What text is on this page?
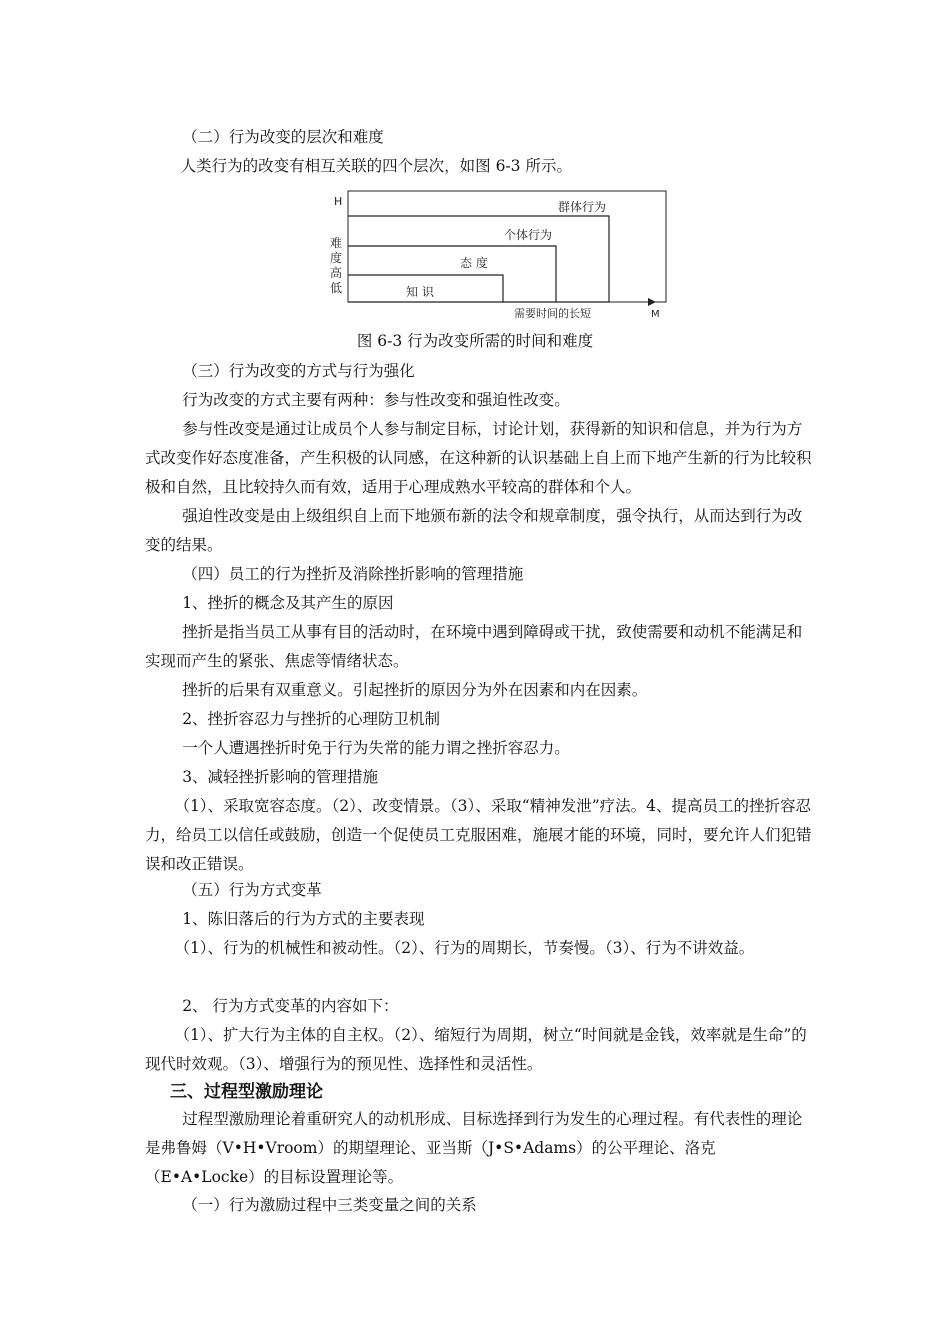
（二）行为改变的层次和难度

人类行为的改变有相互关联的四个层次，如图 6-3 所示。

H
难
度
高
低	知 识
态 度
个体行为
群体行为
需要时间的长短	M

图 6-3 行为改变所需的时间和难度

（三）行为改变的方式与行为强化

行为改变的方式主要有两种：参与性改变和强迫性改变。

参与性改变是通过让成员个人参与制定目标，讨论计划，获得新的知识和信息，并为行为方式改变作好态度准备，产生积极的认同感，在这种新的认识基础上自上而下地产生新的行为比较积极和自然，且比较持久而有效，适用于心理成熟水平较高的群体和个人。

强迫性改变是由上级组织自上而下地颁布新的法令和规章制度，强令执行，从而达到行为改变的结果。

（四）员工的行为挫折及消除挫折影响的管理措施

1、挫折的概念及其产生的原因

挫折是指当员工从事有目的活动时，在环境中遇到障碍或干扰，致使需要和动机不能满足和实现而产生的紧张、焦虑等情绪状态。

挫折的后果有双重意义。引起挫折的原因分为外在因素和内在因素。

2、挫折容忍力与挫折的心理防卫机制

一个人遭遇挫折时免于行为失常的能力谓之挫折容忍力。

3、减轻挫折影响的管理措施

（1）、采取宽容态度。（2）、改变情景。（3）、采取“精神发泄”疗法。4、提高员工的挫折容忍力，给员工以信任或鼓励，创造一个促使员工克服困难，施展才能的环境，同时，要允许人们犯错误和改正错误。

（五）行为方式变革

1、陈旧落后的行为方式的主要表现

（1）、行为的机械性和被动性。（2）、行为的周期长，节奏慢。（3）、行为不讲效益。

2、 行为方式变革的内容如下：

（1）、扩大行为主体的自主权。（2）、缩短行为周期，树立“时间就是金钱，效率就是生命”的现代时效观。（3）、增强行为的预见性、选择性和灵活性。

三、过程型激励理论

过程型激励理论着重研究人的动机形成、目标选择到行为发生的心理过程。有代表性的理论是弗鲁姆（V•H•Vroom）的期望理论、亚当斯（J•S•Adams）的公平理论、洛克（E•A•Locke）的目标设置理论等。

（一）行为激励过程中三类变量之间的关系
